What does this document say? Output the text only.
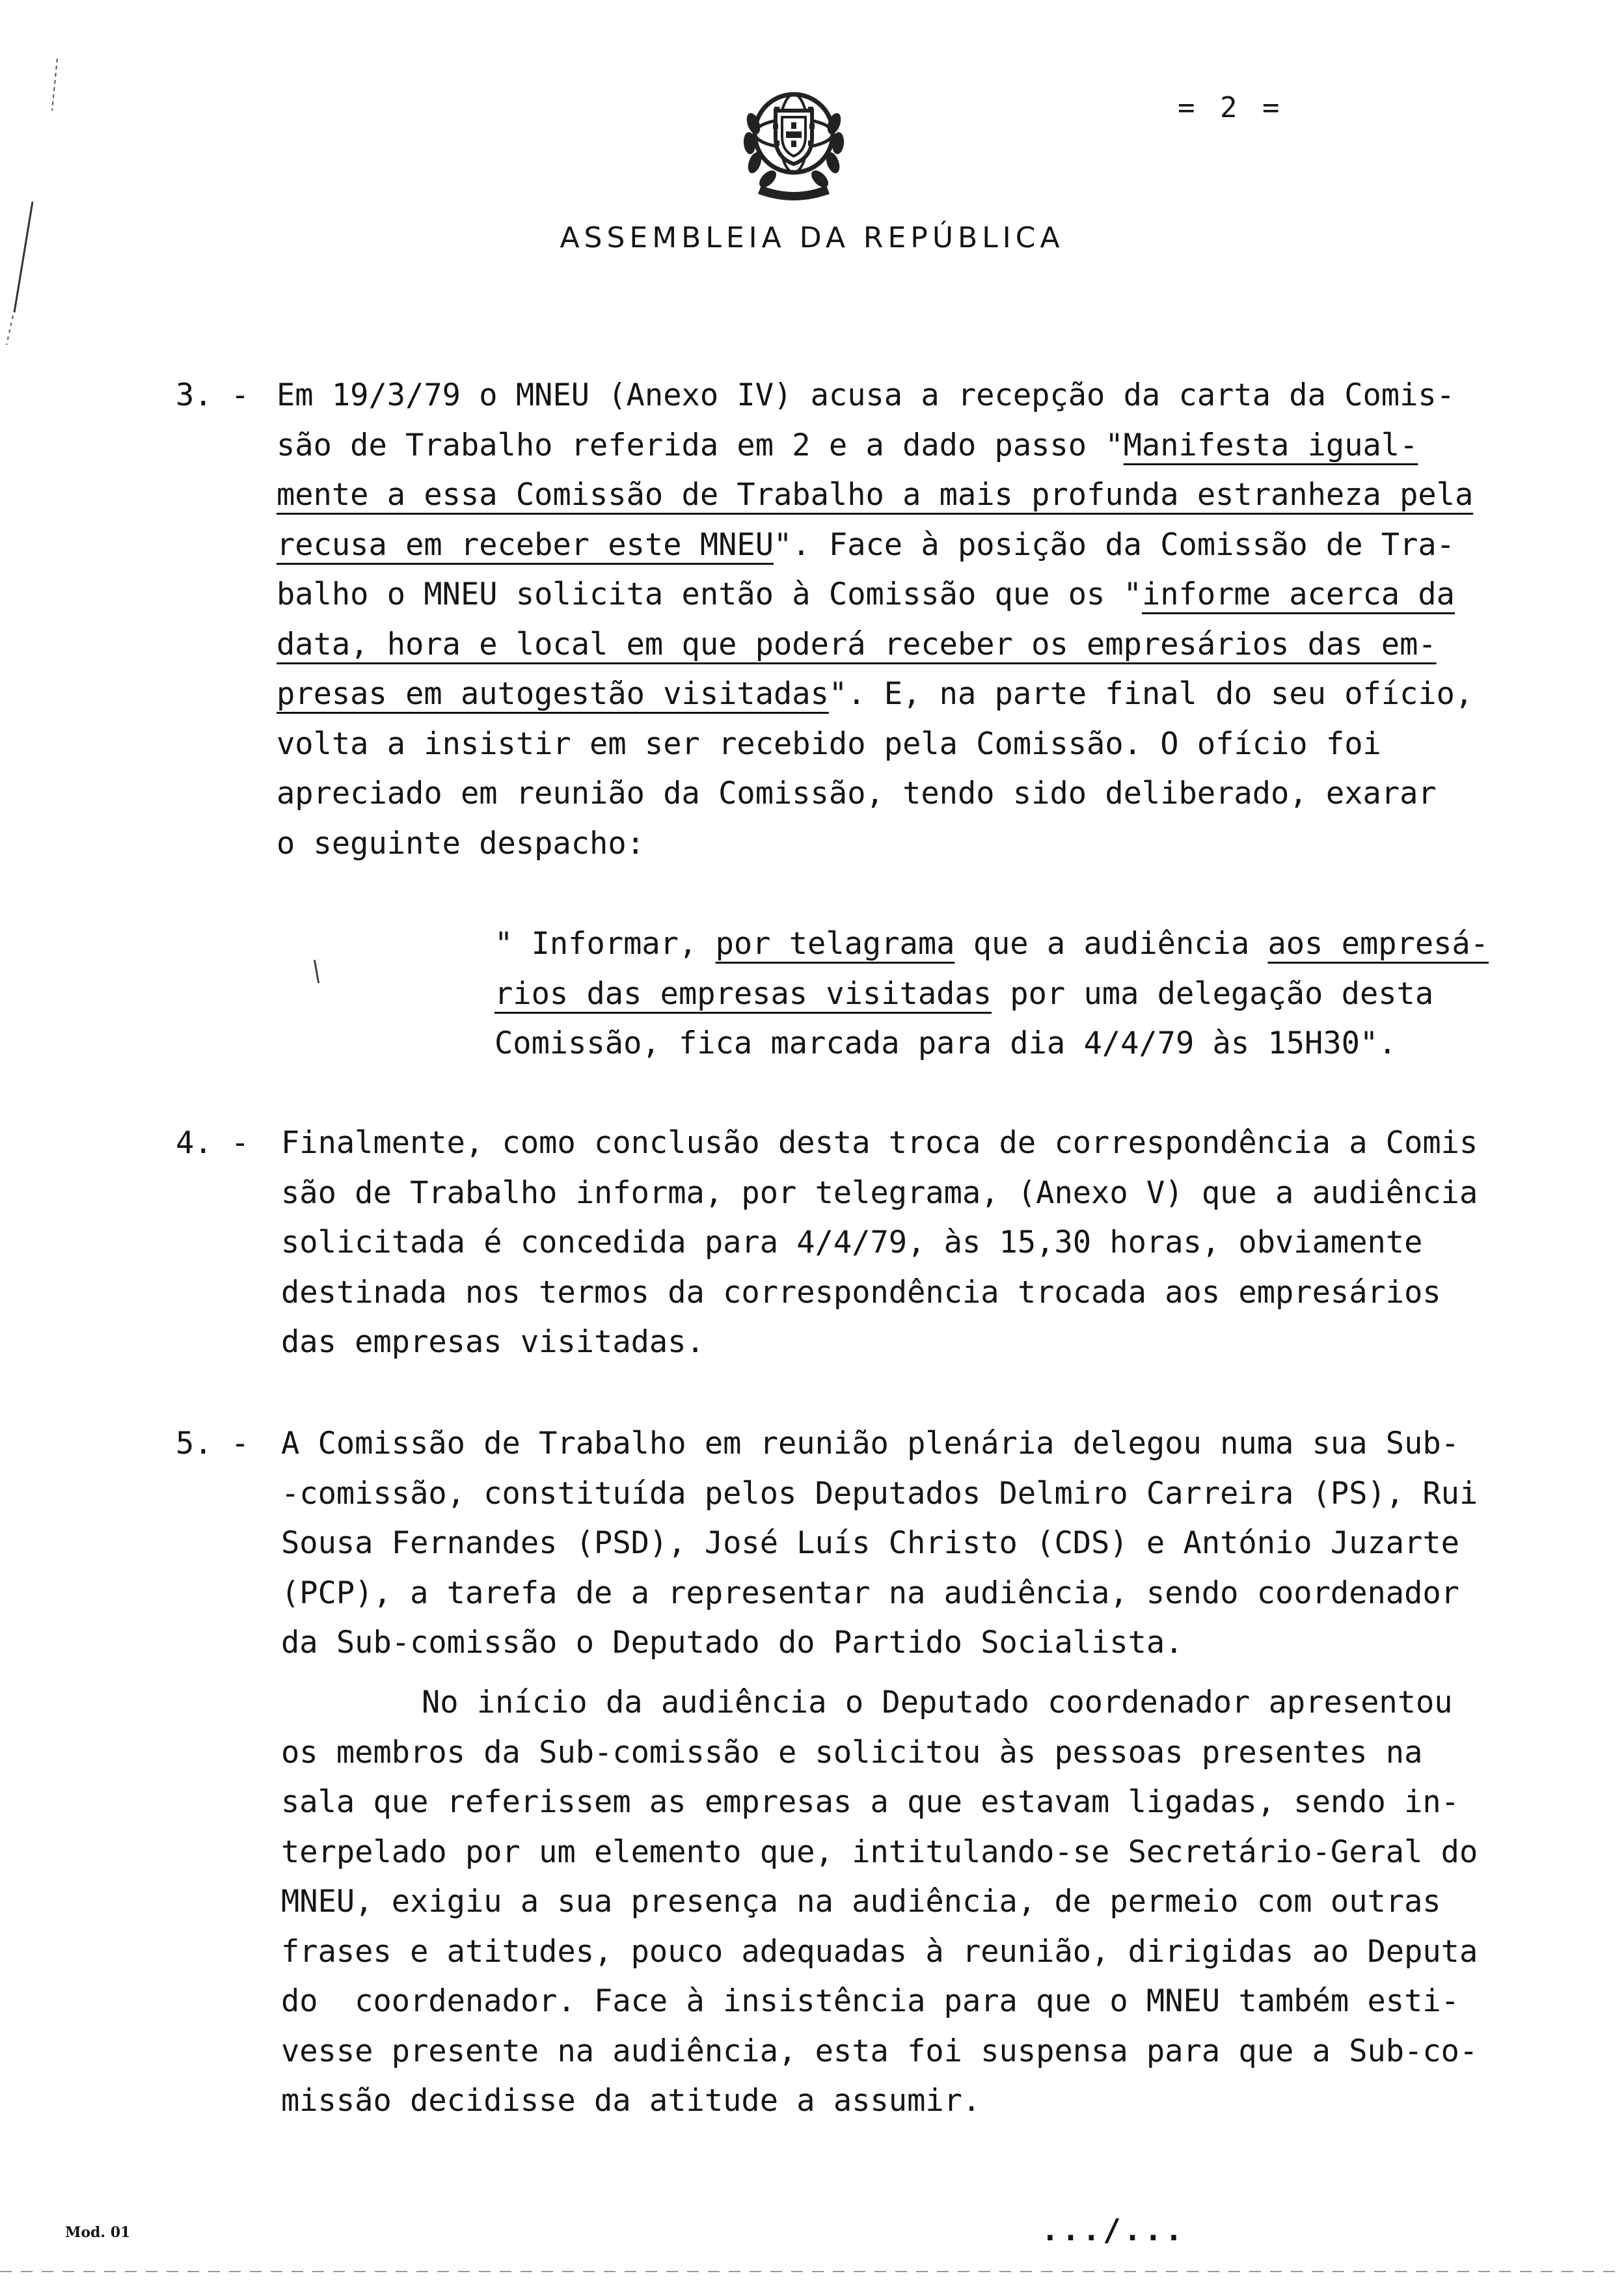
= 2 =
ASSEMBLEIA DA REPÚBLICA
3. - Em 19/3/79 o MNEU (Anexo IV) acusa a recepção da carta da Comis-
são de Trabalho referida em 2 e a dado passo "Manifesta igual-
mente a essa Comissão de Trabalho a mais profunda estranheza pela
recusa em receber este MNEU". Face à posição da Comissão de Tra-
balho o MNEU solicita então à Comissão que os "informe acerca da
data, hora e local em que poderá receber os empresários das em-
presas em autogestão visitadas". E, na parte final do seu ofício,
volta a insistir em ser recebido pela Comissão. O ofício foi
apreciado em reunião da Comissão, tendo sido deliberado, exarar
o seguinte despacho:
" Informar, por telagrama que a audiência aos empresá-
rios das empresas visitadas por uma delegação desta
Comissão, fica marcada para dia 4/4/79 às 15H30".
4. - Finalmente, como conclusão desta troca de correspondência a Comis
são de Trabalho informa, por telegrama, (Anexo V) que a audiência
solicitada é concedida para 4/4/79, às 15,30 horas, obviamente
destinada nos termos da correspondência trocada aos empresários
das empresas visitadas.
5. - A Comissão de Trabalho em reunião plenária delegou numa sua Sub-
-comissão, constituída pelos Deputados Delmiro Carreira (PS), Rui
Sousa Fernandes (PSD), José Luís Christo (CDS) e António Juzarte
(PCP), a tarefa de a representar na audiência, sendo coordenador
da Sub-comissão o Deputado do Partido Socialista.
No início da audiência o Deputado coordenador apresentou
os membros da Sub-comissão e solicitou às pessoas presentes na
sala que referissem as empresas a que estavam ligadas, sendo in-
terpelado por um elemento que, intitulando-se Secretário-Geral do
MNEU, exigiu a sua presença na audiência, de permeio com outras
frases e atitudes, pouco adequadas à reunião, dirigidas ao Deputa
do  coordenador. Face à insistência para que o MNEU também esti-
vesse presente na audiência, esta foi suspensa para que a Sub-co-
missão decidisse da atitude a assumir.
Mod. 01	.../...
